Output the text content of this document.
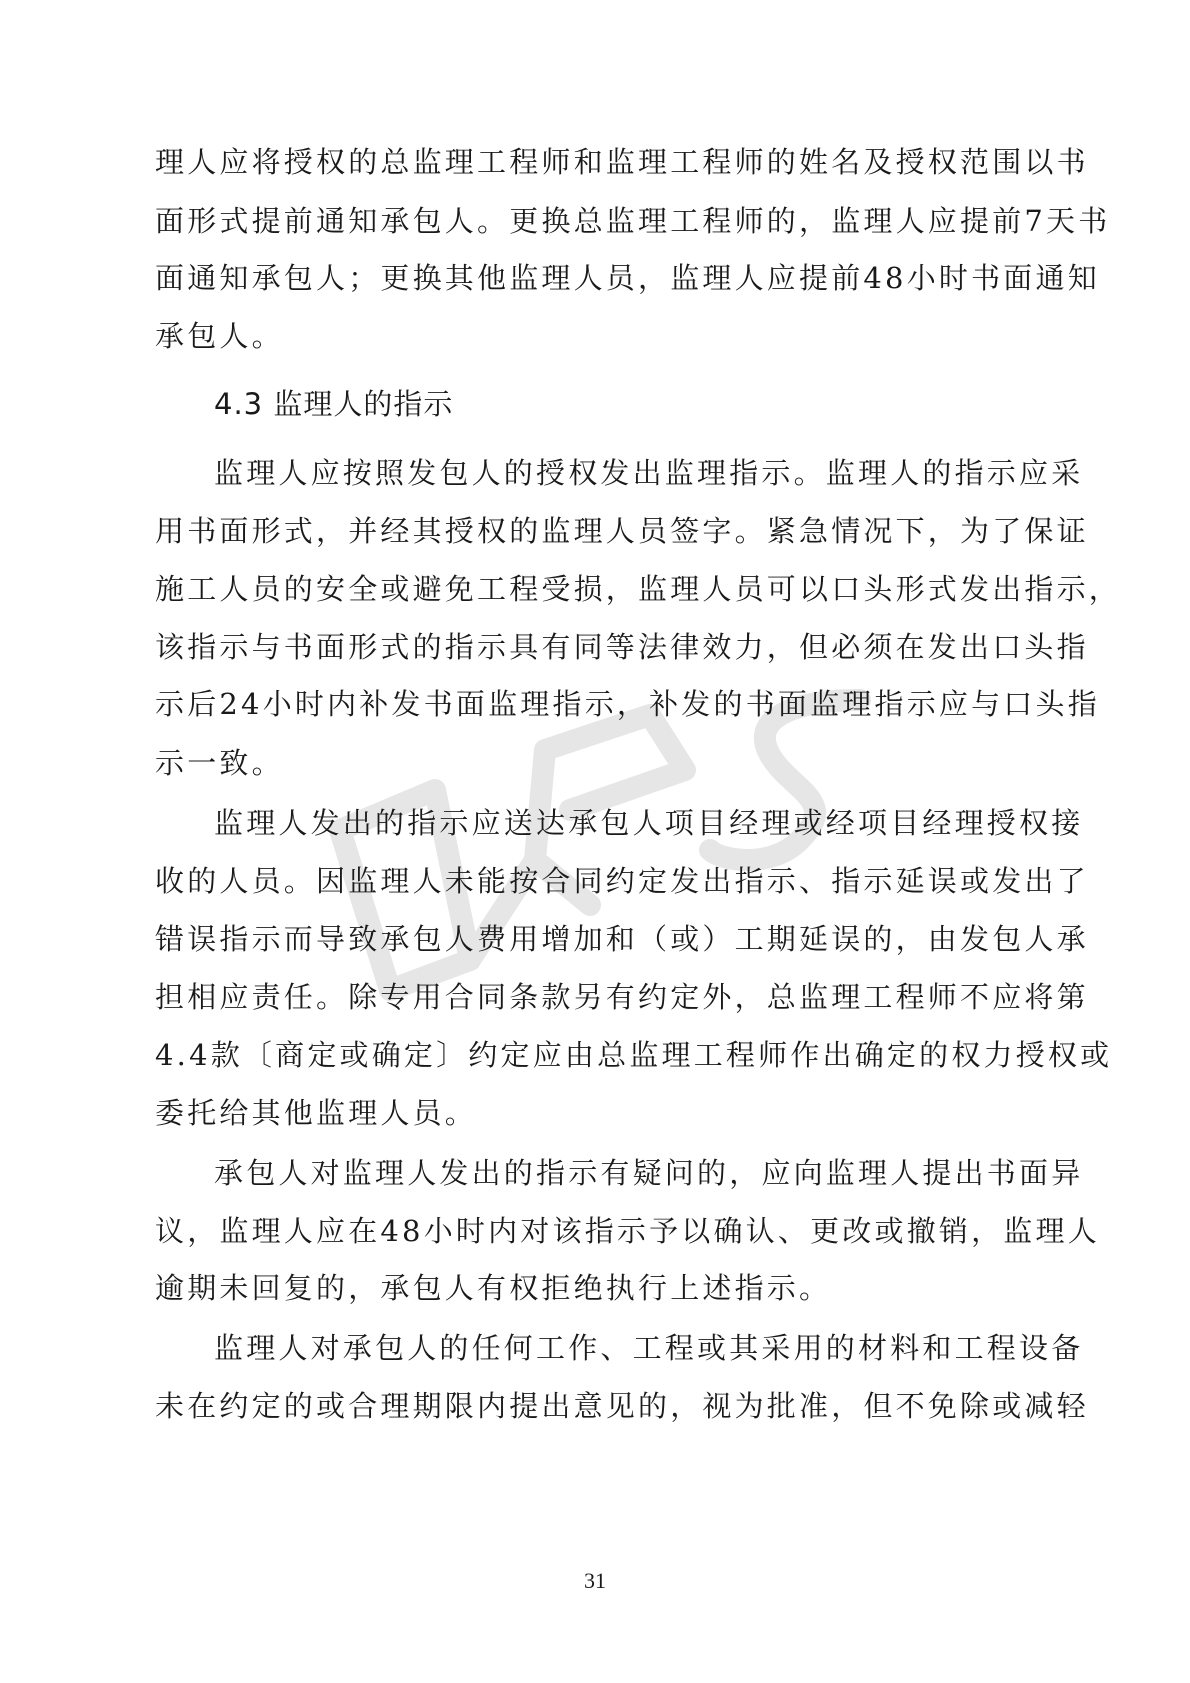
理人应将授权的总监理工程师和监理工程师的姓名及授权范围以书
面形式提前通知承包人。更换总监理工程师的，监理人应提前7天书
面通知承包人；更换其他监理人员，监理人应提前48小时书面通知
承包人。
4.3 监理人的指示
监理人应按照发包人的授权发出监理指示。监理人的指示应采
用书面形式，并经其授权的监理人员签字。紧急情况下，为了保证
施工人员的安全或避免工程受损，监理人员可以口头形式发出指示，
该指示与书面形式的指示具有同等法律效力，但必须在发出口头指
示后24小时内补发书面监理指示，补发的书面监理指示应与口头指
示一致。
监理人发出的指示应送达承包人项目经理或经项目经理授权接
收的人员。因监理人未能按合同约定发出指示、指示延误或发出了
错误指示而导致承包人费用增加和（或）工期延误的，由发包人承
担相应责任。除专用合同条款另有约定外，总监理工程师不应将第
4.4款〔商定或确定〕约定应由总监理工程师作出确定的权力授权或
委托给其他监理人员。
承包人对监理人发出的指示有疑问的，应向监理人提出书面异
议，监理人应在48小时内对该指示予以确认、更改或撤销，监理人
逾期未回复的，承包人有权拒绝执行上述指示。
监理人对承包人的任何工作、工程或其采用的材料和工程设备
未在约定的或合理期限内提出意见的，视为批准，但不免除或减轻
31
